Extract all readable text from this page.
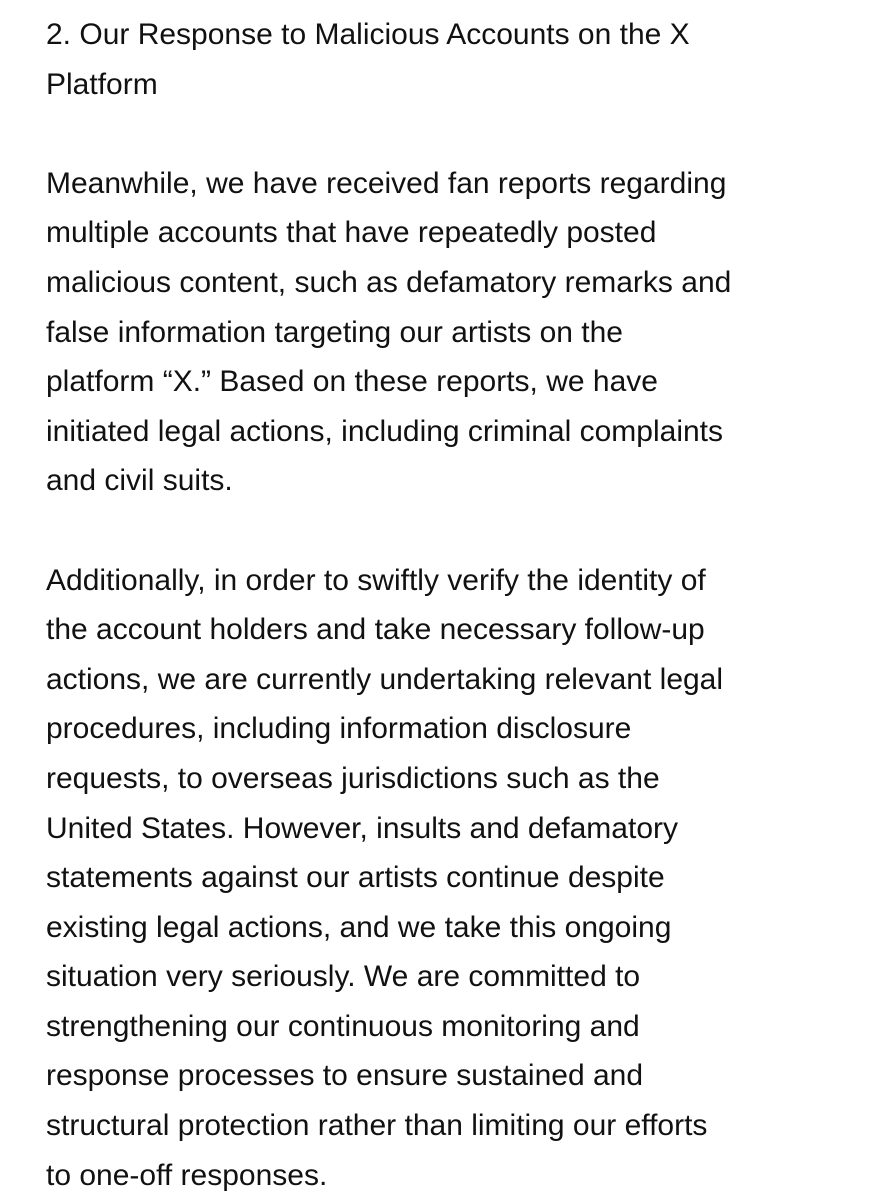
2. Our Response to Malicious Accounts on the X
Platform

Meanwhile, we have received fan reports regarding
multiple accounts that have repeatedly posted
malicious content, such as defamatory remarks and
false information targeting our artists on the
platform “X.” Based on these reports, we have
initiated legal actions, including criminal complaints
and civil suits.

Additionally, in order to swiftly verify the identity of
the account holders and take necessary follow-up
actions, we are currently undertaking relevant legal
procedures, including information disclosure
requests, to overseas jurisdictions such as the
United States. However, insults and defamatory
statements against our artists continue despite
existing legal actions, and we take this ongoing
situation very seriously. We are committed to
strengthening our continuous monitoring and
response processes to ensure sustained and
structural protection rather than limiting our efforts
to one-off responses.
